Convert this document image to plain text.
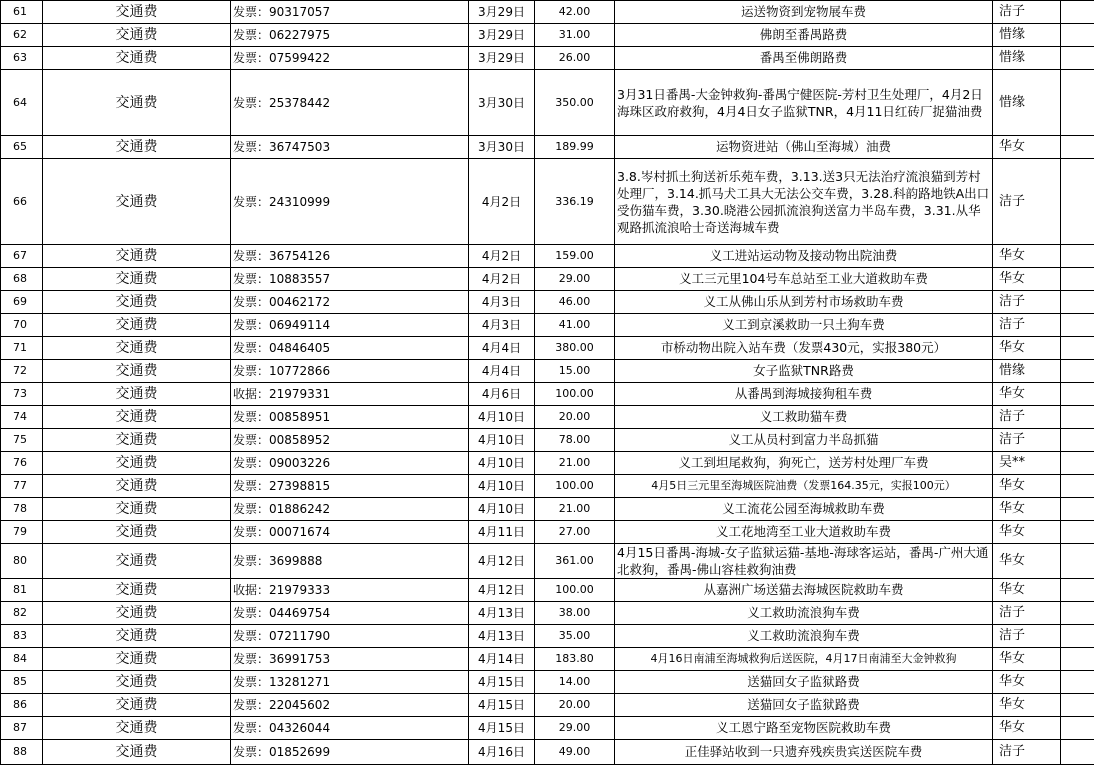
61	交通费	发票：90317057	3月29日	42.00	运送物资到宠物展车费	洁子	
62	交通费	发票：06227975	3月29日	31.00	佛朗至番禺路费	惜缘	
63	交通费	发票：07599422	3月29日	26.00	番禺至佛朗路费	惜缘	
64	交通费	发票：25378442	3月30日	350.00	3月31日番禺-大金钟救狗-番禺宁健医院-芳村卫生处理厂，4月2日海珠区政府救狗，4月4日女子监狱TNR，4月11日红砖厂捉猫油费	惜缘	
65	交通费	发票：36747503	3月30日	189.99	运物资进站（佛山至海城）油费	华女	
66	交通费	发票：24310999	4月2日	336.19	3.8.岑村抓土狗送祈乐苑车费，3.13.送3只无法治疗流浪猫到芳村处理厂，3.14.抓马犬工具大无法公交车费，3.28.科韵路地铁A出口受伤猫车费，3.30.晓港公园抓流浪狗送富力半岛车费，3.31.从华观路抓流浪哈士奇送海城车费	洁子	
67	交通费	发票：36754126	4月2日	159.00	义工进站运动物及接动物出院油费	华女	
68	交通费	发票：10883557	4月2日	29.00	义工三元里104号车总站至工业大道救助车费	华女	
69	交通费	发票：00462172	4月3日	46.00	义工从佛山乐从到芳村市场救助车费	洁子	
70	交通费	发票：06949114	4月3日	41.00	义工到京溪救助一只土狗车费	洁子	
71	交通费	发票：04846405	4月4日	380.00	市桥动物出院入站车费（发票430元，实报380元）	华女	
72	交通费	发票：10772866	4月4日	15.00	女子监狱TNR路费	惜缘	
73	交通费	收据：21979331	4月6日	100.00	从番禺到海城接狗租车费	华女	
74	交通费	发票：00858951	4月10日	20.00	义工救助猫车费	洁子	
75	交通费	发票：00858952	4月10日	78.00	义工从员村到富力半岛抓猫	洁子	
76	交通费	发票：09003226	4月10日	21.00	义工到坦尾救狗，狗死亡，送芳村处理厂车费	吴**	
77	交通费	发票：27398815	4月10日	100.00	4月5日三元里至海城医院油费（发票164.35元，实报100元）	华女	
78	交通费	发票：01886242	4月10日	21.00	义工流花公园至海城救助车费	华女	
79	交通费	发票：00071674	4月11日	27.00	义工花地湾至工业大道救助车费	华女	
80	交通费	发票：3699888	4月12日	361.00	4月15日番禺-海城-女子监狱运猫-基地-海球客运站，番禺-广州大通北救狗，番禺-佛山容桂救狗油费	华女	
81	交通费	收据：21979333	4月12日	100.00	从嘉洲广场送猫去海城医院救助车费	华女	
82	交通费	发票：04469754	4月13日	38.00	义工救助流浪狗车费	洁子	
83	交通费	发票：07211790	4月13日	35.00	义工救助流浪狗车费	洁子	
84	交通费	发票：36991753	4月14日	183.80	4月16日南浦至海城救狗后送医院，4月17日南浦至大金钟救狗	华女	
85	交通费	发票：13281271	4月15日	14.00	送猫回女子监狱路费	华女	
86	交通费	发票：22045602	4月15日	20.00	送猫回女子监狱路费	华女	
87	交通费	发票：04326044	4月15日	29.00	义工恩宁路至宠物医院救助车费	华女	
88	交通费	发票：01852699	4月16日	49.00	正佳驿站收到一只遗弃残疾贵宾送医院车费	洁子	
